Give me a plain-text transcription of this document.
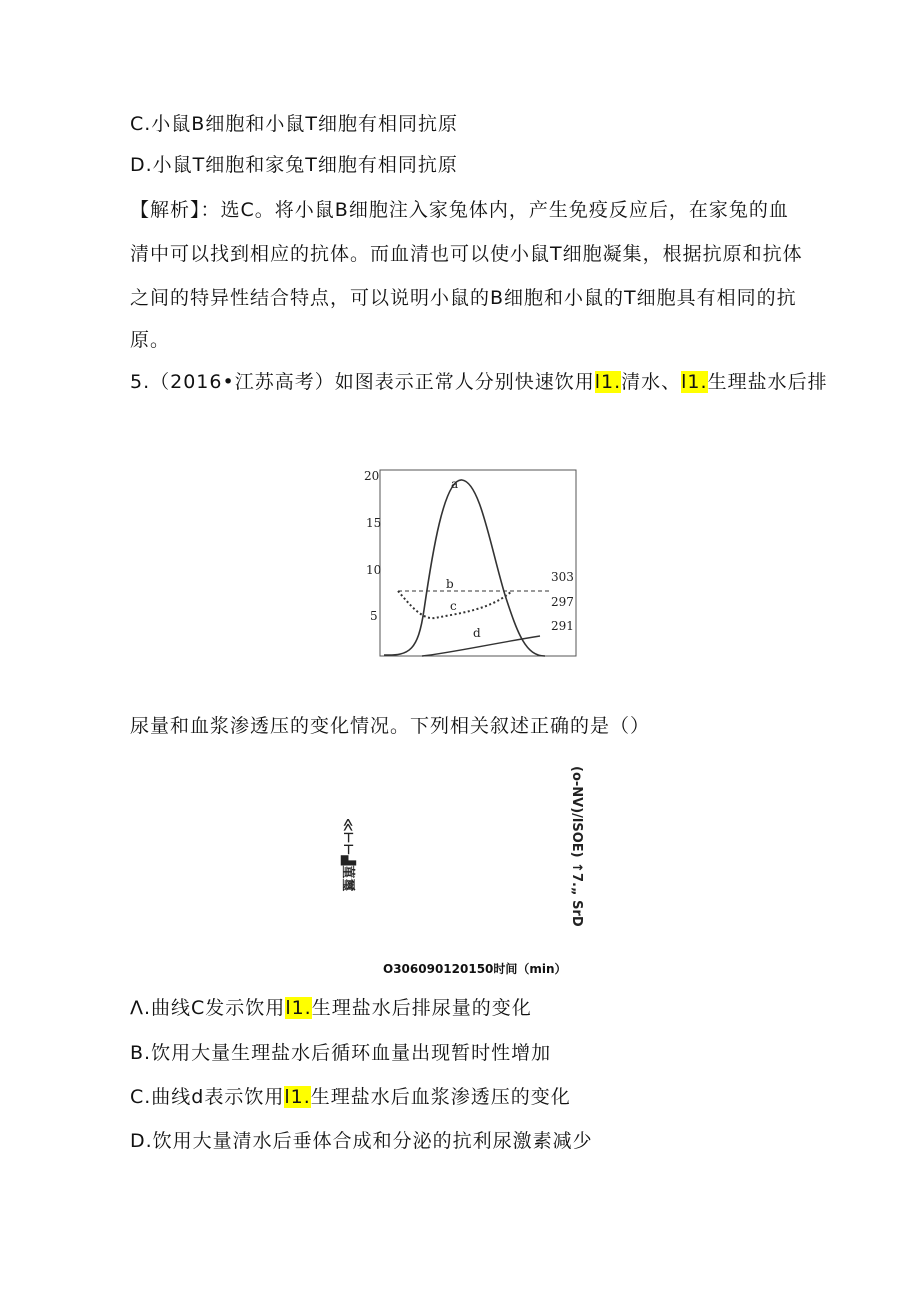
C.小鼠B细胞和小鼠T细胞有相同抗原
D.小鼠T细胞和家兔T细胞有相同抗原
【解析】：选C。将小鼠B细胞注入家兔体内，产生免疫反应后，在家兔的血
清中可以找到相应的抗体。而血清也可以使小鼠T细胞凝集，根据抗原和抗体
之间的特异性结合特点，可以说明小鼠的B细胞和小鼠的T细胞具有相同的抗
原。
5.（2016•江苏高考）如图表示正常人分别快速饮用l1.清水、l1.生理盐水后排
20
15
10
5
303
297
291
a
b
c
d
尿量和血浆渗透压的变化情况。下列相关叙述正确的是（）
≪⊢⊢▟菫璽	(o-NV)/lSOE) ↑7.„ SrD
O306090120150时间（min）
Λ.曲线C发示饮用l1.生理盐水后排尿量的变化
B.饮用大量生理盐水后循环血量出现暂时性增加
C.曲线d表示饮用l1.生理盐水后血浆渗透压的变化
D.饮用大量清水后垂体合成和分泌的抗利尿激素减少
